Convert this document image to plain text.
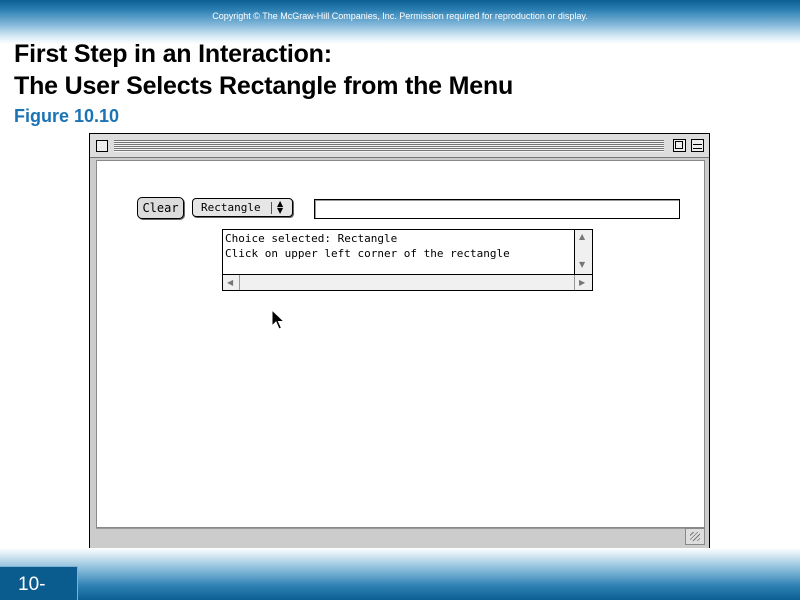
Copyright © The McGraw-Hill Companies, Inc. Permission required for reproduction or display.
First Step in an Interaction:
The User Selects Rectangle from the Menu
Figure 10.10
Clear	Rectangle ▲
▼
Choice selected: Rectangle
Click on upper left corner of the rectangle
▲
▼
◀	▶
10-
